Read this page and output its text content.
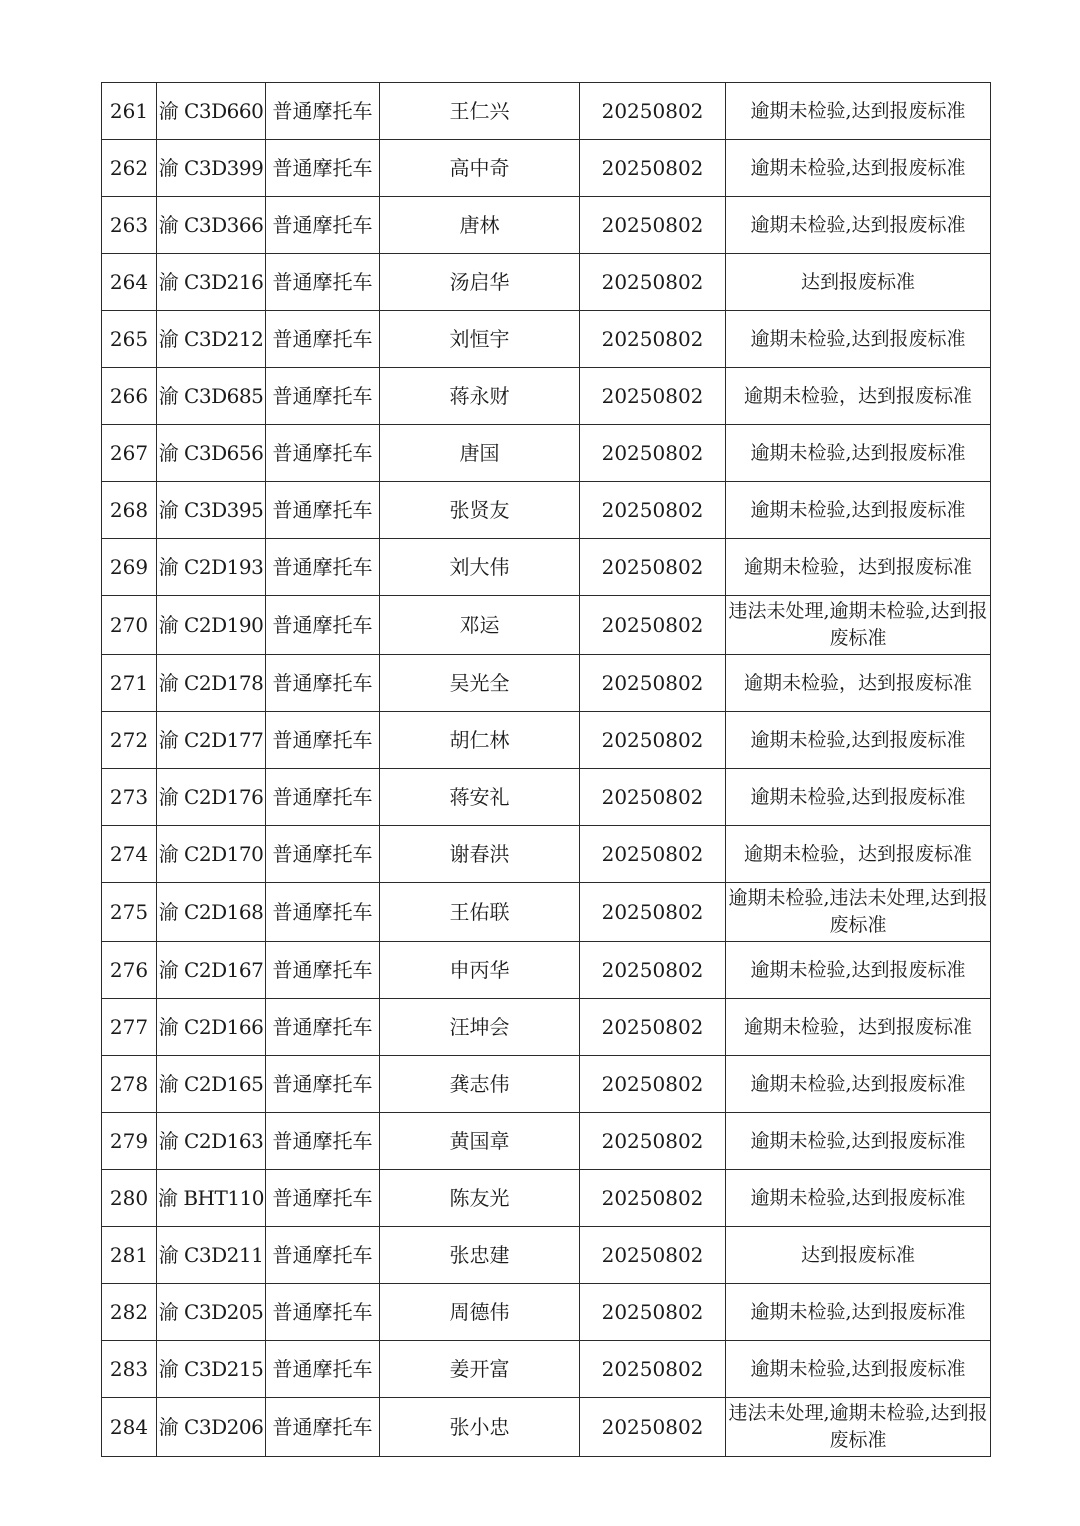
261	渝 C3D660	普通摩托车	王仁兴	20250802	逾期未检验,达到报废标准
262	渝 C3D399	普通摩托车	高中奇	20250802	逾期未检验,达到报废标准
263	渝 C3D366	普通摩托车	唐林	20250802	逾期未检验,达到报废标准
264	渝 C3D216	普通摩托车	汤启华	20250802	达到报废标准
265	渝 C3D212	普通摩托车	刘恒宇	20250802	逾期未检验,达到报废标准
266	渝 C3D685	普通摩托车	蒋永财	20250802	逾期未检验，达到报废标准
267	渝 C3D656	普通摩托车	唐国	20250802	逾期未检验,达到报废标准
268	渝 C3D395	普通摩托车	张贤友	20250802	逾期未检验,达到报废标准
269	渝 C2D193	普通摩托车	刘大伟	20250802	逾期未检验，达到报废标准
270	渝 C2D190	普通摩托车	邓运	20250802	违法未处理,逾期未检验,达到报废标准
271	渝 C2D178	普通摩托车	吴光全	20250802	逾期未检验，达到报废标准
272	渝 C2D177	普通摩托车	胡仁林	20250802	逾期未检验,达到报废标准
273	渝 C2D176	普通摩托车	蒋安礼	20250802	逾期未检验,达到报废标准
274	渝 C2D170	普通摩托车	谢春洪	20250802	逾期未检验，达到报废标准
275	渝 C2D168	普通摩托车	王佑联	20250802	逾期未检验,违法未处理,达到报废标准
276	渝 C2D167	普通摩托车	申丙华	20250802	逾期未检验,达到报废标准
277	渝 C2D166	普通摩托车	汪坤会	20250802	逾期未检验，达到报废标准
278	渝 C2D165	普通摩托车	龚志伟	20250802	逾期未检验,达到报废标准
279	渝 C2D163	普通摩托车	黄国章	20250802	逾期未检验,达到报废标准
280	渝 BHT110	普通摩托车	陈友光	20250802	逾期未检验,达到报废标准
281	渝 C3D211	普通摩托车	张忠建	20250802	达到报废标准
282	渝 C3D205	普通摩托车	周德伟	20250802	逾期未检验,达到报废标准
283	渝 C3D215	普通摩托车	姜开富	20250802	逾期未检验,达到报废标准
284	渝 C3D206	普通摩托车	张小忠	20250802	违法未处理,逾期未检验,达到报废标准
